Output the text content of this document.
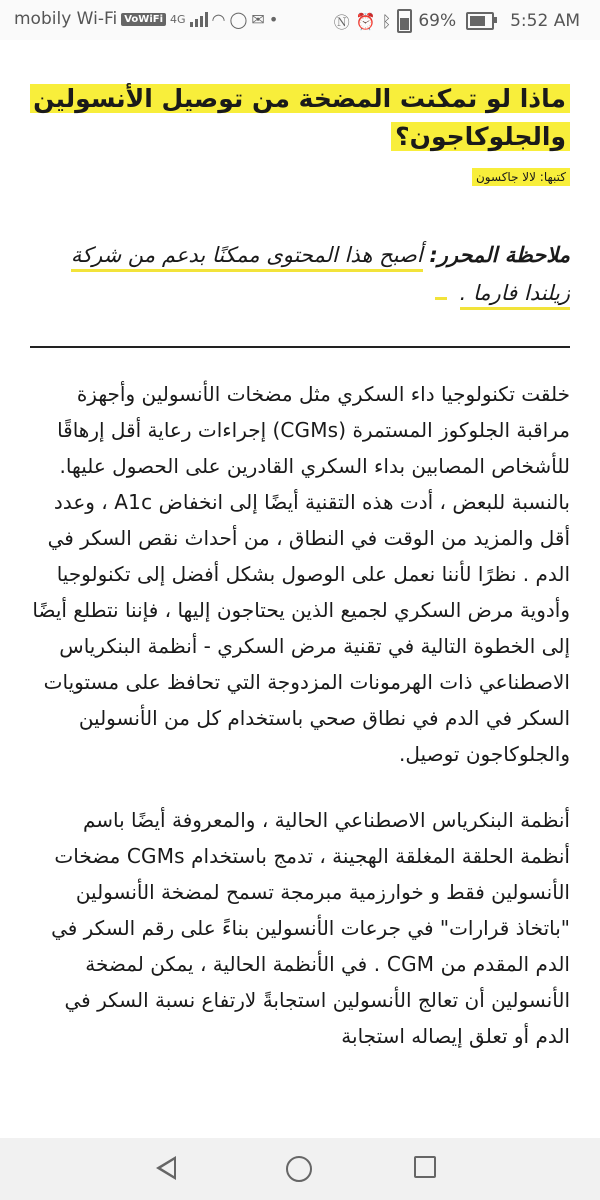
mobily Wi-Fi VoWiFi 4G ◠ ◯ ✉ •	Ⓝ ⏰ ᛒ 69%	5:52 AM
ماذا لو تمكنت المضخة من توصيل الأنسولين والجلوكاجون؟
كتبها: لالا جاكسون
ملاحظة المحرر: أصبح هذا المحتوى ممكنًا بدعم من شركة زيلندا فارما .

خلقت تكنولوجيا داء السكري مثل مضخات الأنسولين وأجهزة مراقبة الجلوكوز المستمرة (CGMs) إجراءات رعاية أقل إرهاقًا للأشخاص المصابين بداء السكري القادرين على الحصول عليها. بالنسبة للبعض ، أدت هذه التقنية أيضًا إلى انخفاض A1c ، وعدد أقل والمزيد من الوقت في النطاق ، من أحداث نقص السكر في الدم . نظرًا لأننا نعمل على الوصول بشكل أفضل إلى تكنولوجيا وأدوية مرض السكري لجميع الذين يحتاجون إليها ، فإننا نتطلع أيضًا إلى الخطوة التالية في تقنية مرض السكري - أنظمة البنكرياس الاصطناعي ذات الهرمونات المزدوجة التي تحافظ على مستويات السكر في الدم في نطاق صحي باستخدام كل من الأنسولين والجلوكاجون توصيل.

أنظمة البنكرياس الاصطناعي الحالية ، والمعروفة أيضًا باسم أنظمة الحلقة المغلقة الهجينة ، تدمج باستخدام CGMs مضخات الأنسولين فقط و خوارزمية مبرمجة تسمح لمضخة الأنسولين "باتخاذ قرارات" في جرعات الأنسولين بناءً على رقم السكر في الدم المقدم من CGM . في الأنظمة الحالية ، يمكن لمضخة الأنسولين أن تعالج الأنسولين استجابةً لارتفاع نسبة السكر في الدم أو تعلق إيصاله استجابة
